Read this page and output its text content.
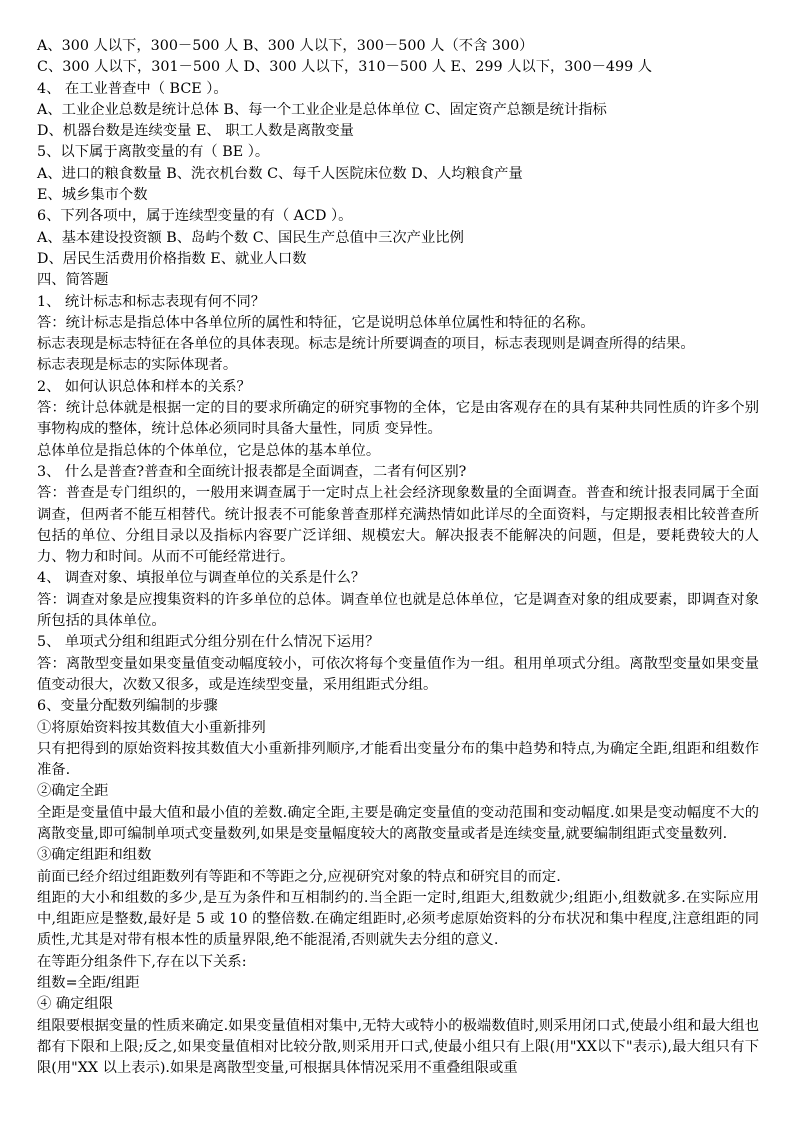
A、300 人以下，300－500 人 B、300 人以下，300－500 人（不含 300）
C、300 人以下，301－500 人 D、300 人以下，310－500 人 E、299 人以下，300－499 人
4、 在工业普查中（ BCE ）。
A、工业企业总数是统计总体 B、每一个工业企业是总体单位 C、固定资产总额是统计指标
D、机器台数是连续变量 E、 职工人数是离散变量
5、以下属于离散变量的有（ BE ）。
A、进口的粮食数量 B、洗衣机台数 C、每千人医院床位数 D、人均粮食产量
E、城乡集市个数
6、下列各项中，属于连续型变量的有（ ACD ）。
A、基本建设投资额 B、岛屿个数 C、国民生产总值中三次产业比例
D、居民生活费用价格指数 E、就业人口数
四、简答题
1、 统计标志和标志表现有何不同？
答：统计标志是指总体中各单位所的属性和特征，它是说明总体单位属性和特征的名称。
标志表现是标志特征在各单位的具体表现。标志是统计所要调查的项目，标志表现则是调查所得的结果。
标志表现是标志的实际体现者。
2、 如何认识总体和样本的关系？
答：统计总体就是根据一定的目的要求所确定的研究事物的全体，它是由客观存在的具有某种共同性质的许多个别事物构成的整体，统计总体必须同时具备大量性，同质 变异性。
总体单位是指总体的个体单位，它是总体的基本单位。
3、 什么是普查?普查和全面统计报表都是全面调查，二者有何区别?
答：普查是专门组织的，一般用来调查属于一定时点上社会经济现象数量的全面调查。普查和统计报表同属于全面调查，但两者不能互相替代。统计报表不可能象普查那样充满热情如此详尽的全面资料，与定期报表相比较普查所包括的单位、分组目录以及指标内容要广泛详细、规模宏大。解决报表不能解决的问题，但是，要耗费较大的人力、物力和时间。从而不可能经常进行。
4、 调查对象、填报单位与调查单位的关系是什么？
答：调查对象是应搜集资料的许多单位的总体。调查单位也就是总体单位，它是调查对象的组成要素，即调查对象所包括的具体单位。
5、 单项式分组和组距式分组分别在什么情况下运用？
答：离散型变量如果变量值变动幅度较小，可依次将每个变量值作为一组。租用单项式分组。离散型变量如果变量值变动很大，次数又很多，或是连续型变量，采用组距式分组。
6、变量分配数列编制的步骤
①将原始资料按其数值大小重新排列
只有把得到的原始资料按其数值大小重新排列顺序,才能看出变量分布的集中趋势和特点,为确定全距,组距和组数作准备.
②确定全距
全距是变量值中最大值和最小值的差数.确定全距,主要是确定变量值的变动范围和变动幅度.如果是变动幅度不大的离散变量,即可编制单项式变量数列,如果是变量幅度较大的离散变量或者是连续变量,就要编制组距式变量数列.
③确定组距和组数
前面已经介绍过组距数列有等距和不等距之分,应视研究对象的特点和研究目的而定.
组距的大小和组数的多少,是互为条件和互相制约的.当全距一定时,组距大,组数就少;组距小,组数就多.在实际应用中,组距应是整数,最好是 5 或 10 的整倍数.在确定组距时,必须考虑原始资料的分布状况和集中程度,注意组距的同质性,尤其是对带有根本性的质量界限,绝不能混淆,否则就失去分组的意义.
在等距分组条件下,存在以下关系:
组数=全距/组距
④ 确定组限
组限要根据变量的性质来确定.如果变量值相对集中,无特大或特小的极端数值时,则采用闭口式,使最小组和最大组也都有下限和上限;反之,如果变量值相对比较分散,则采用开口式,使最小组只有上限(用"XX以下"表示),最大组只有下限(用"XX 以上表示).如果是离散型变量,可根据具体情况采用不重叠组限或重
